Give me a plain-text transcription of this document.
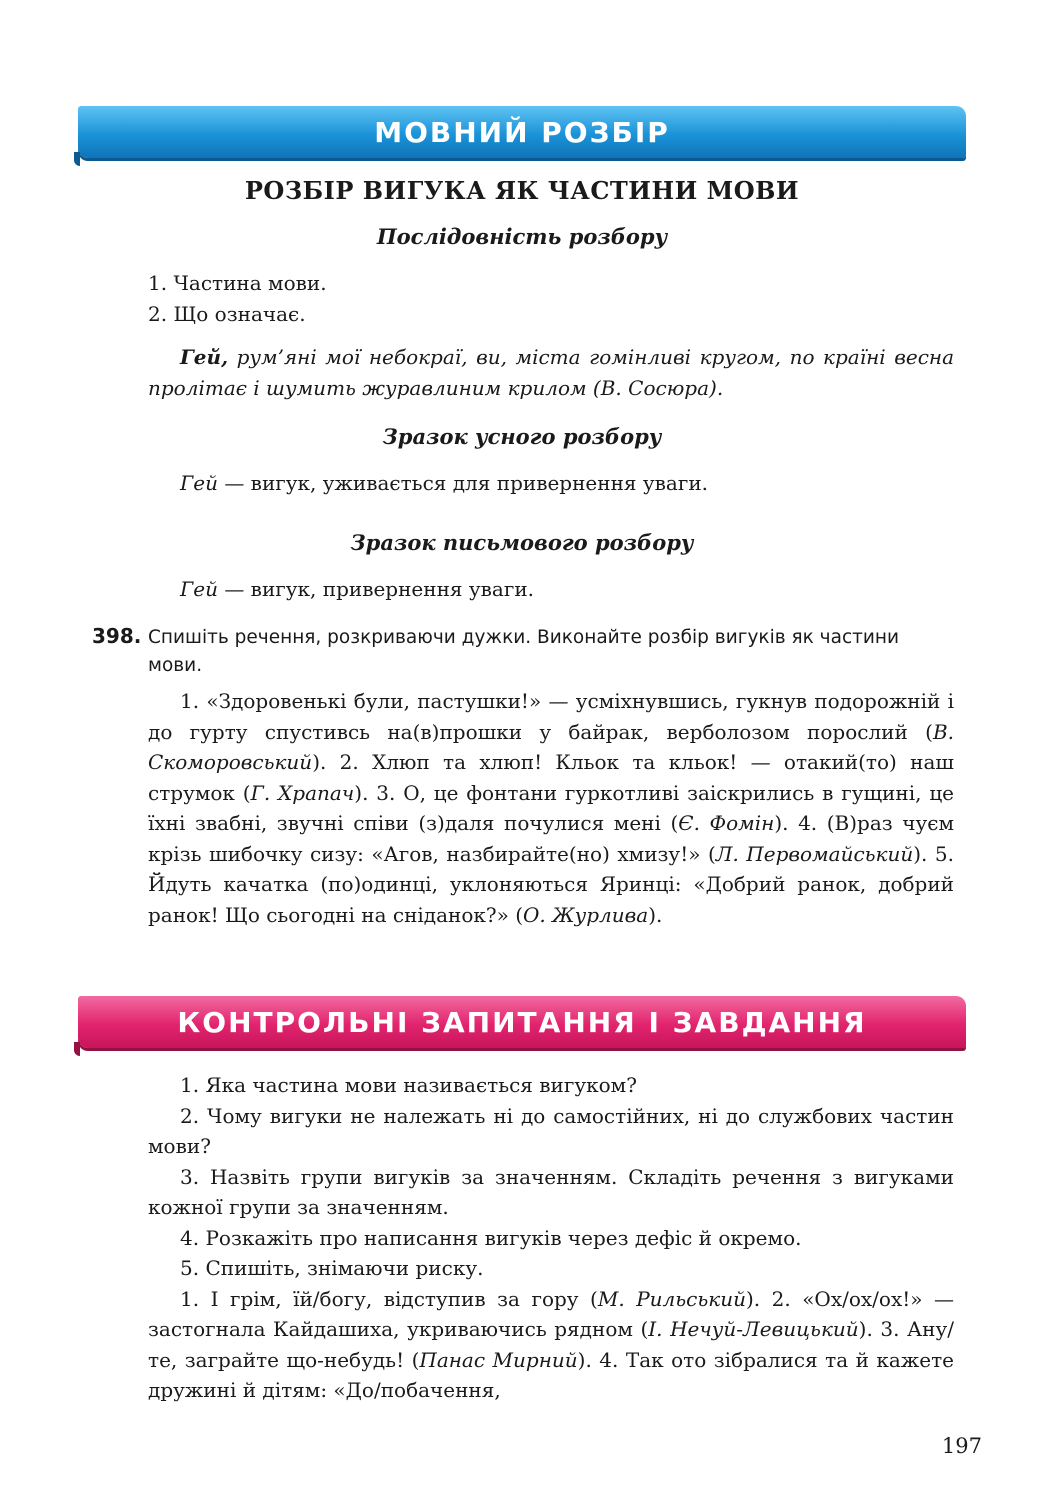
МОВНИЙ РОЗБІР
РОЗБІР ВИГУКА ЯК ЧАСТИНИ МОВИ
Послідовність розбору

1. Частина мови.

2. Що означає.

Гей, рум’яні мої небокраї, ви, міста гомінливі кругом, по країні весна пролітає і шумить журавлиним крилом (В. Сосюра).
Зразок усного розбору
Гей — вигук, уживається для привернення уваги.
Зразок письмового розбору
Гей — вигук, привернення уваги.
398. Спишіть речення, розкриваючи дужки. Виконайте розбір вигуків як частини мови.
1. «Здоровенькі були, пастушки!» — усміхнувшись, гукнув подорожній і до гурту спустивсь на(в)прошки у байрак, верболозом порослий (В. Скоморовський). 2. Хлюп та хлюп! Кльок та кльок! — отакий(то) наш струмок (Г. Храпач). 3. О, це фонтани гуркотливі заіскрились в гущині, це їхні звабні, звучні співи (з)даля почулися мені (Є. Фомін). 4. (В)раз чуєм крізь шибочку сизу: «Агов, назбирайте(но) хмизу!» (Л. Первомайський). 5. Йдуть качатка (по)одинці, уклоняються Яринці: «Добрий ранок, добрий ранок! Що сьогодні на сніданок?» (О. Журлива).
КОНТРОЛЬНІ ЗАПИТАННЯ І ЗАВДАННЯ

1. Яка частина мови називається вигуком?

2. Чому вигуки не належать ні до самостійних, ні до службових частин мови?

3. Назвіть групи вигуків за значенням. Складіть речення з вигуками кожної групи за значенням.

4. Розкажіть про написання вигуків через дефіс й окремо.

5. Спишіть, знімаючи риску.

1. І грім, їй/богу, відступив за гору (М. Рильський). 2. «Ох/ох/ох!» — застогнала Кайдашиха, укриваючись рядном (І. Нечуй-Левицький). 3. Ану/те, заграйте що-небудь! (Панас Мирний). 4. Так ото зібралися та й кажете дружині й дітям: «До/побачення,

197
